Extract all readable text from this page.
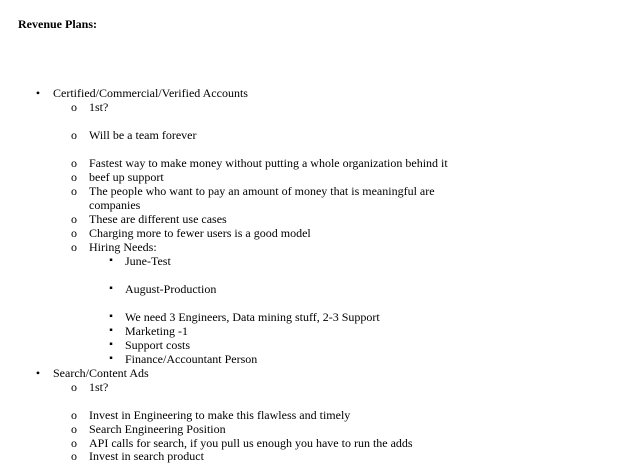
Revenue Plans:
• Certified/Commercial/Verified Accounts
o 1st?
o Will be a team forever
o Fastest way to make money without putting a whole organization behind it
o beef up support
o The people who want to pay an amount of money that is meaningful are
companies
o These are different use cases
o Charging more to fewer users is a good model
o Hiring Needs:
▪ June-Test
▪ August-Production
▪ We need 3 Engineers, Data mining stuff, 2-3 Support
▪ Marketing -1
▪ Support costs
▪ Finance/Accountant Person
• Search/Content Ads
o 1st?
o Invest in Engineering to make this flawless and timely
o Search Engineering Position
o API calls for search, if you pull us enough you have to run the adds
o Invest in search product
